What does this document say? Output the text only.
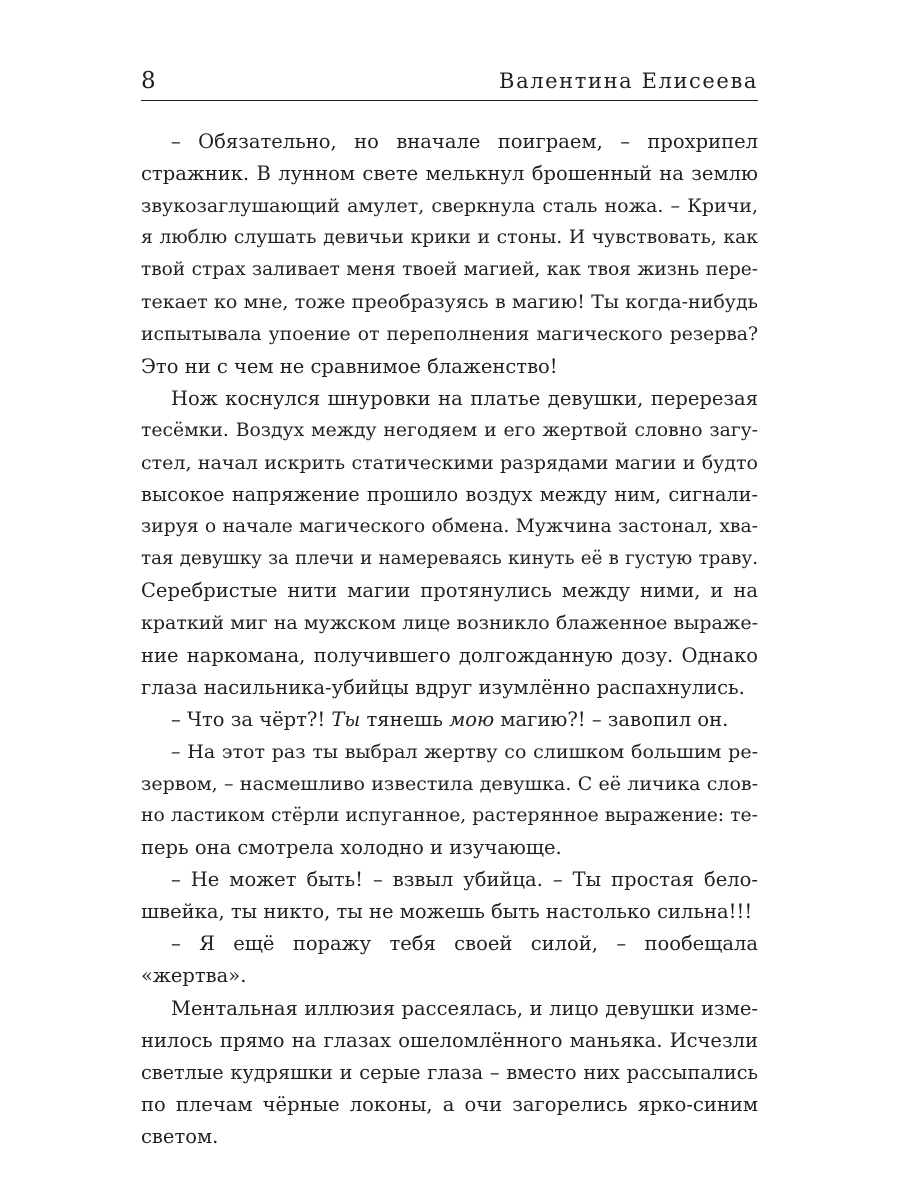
8	Валентина Елисеева

– Обязательно, но вначале поиграем, – прохрипел
стражник. В лунном свете мелькнул брошенный на землю
звукозаглушающий амулет, сверкнула сталь ножа. – Кричи,
я люблю слушать девичьи крики и стоны. И чувствовать, как
твой страх заливает меня твоей магией, как твоя жизнь пере-
текает ко мне, тоже преобразуясь в магию! Ты когда-нибудь
испытывала упоение от переполнения магического резерва?
Это ни с чем не сравнимое блаженство!

Нож коснулся шнуровки на платье девушки, перерезая
тесёмки. Воздух между негодяем и его жертвой словно загу-
стел, начал искрить статическими разрядами магии и будто
высокое напряжение прошило воздух между ним, сигнали-
зируя о начале магического обмена. Мужчина застонал, хва-
тая девушку за плечи и намереваясь кинуть её в густую траву.
Серебристые нити магии протянулись между ними, и на
краткий миг на мужском лице возникло блаженное выраже-
ние наркомана, получившего долгожданную дозу. Однако
глаза насильника-убийцы вдруг изумлённо распахнулись.

– Что за чёрт?! Ты тянешь мою магию?! – завопил он.

– На этот раз ты выбрал жертву со слишком большим ре-
зервом, – насмешливо известила девушка. С её личика слов-
но ластиком стёрли испуганное, растерянное выражение: те-
перь она смотрела холодно и изучающе.

– Не может быть! – взвыл убийца. – Ты простая бело-
швейка, ты никто, ты не можешь быть настолько сильна!!!

– Я ещё поражу тебя своей силой, – пообещала
«жертва».

Ментальная иллюзия рассеялась, и лицо девушки изме-
нилось прямо на глазах ошеломлённого маньяка. Исчезли
светлые кудряшки и серые глаза – вместо них рассыпались
по плечам чёрные локоны, а очи загорелись ярко-синим
светом.
